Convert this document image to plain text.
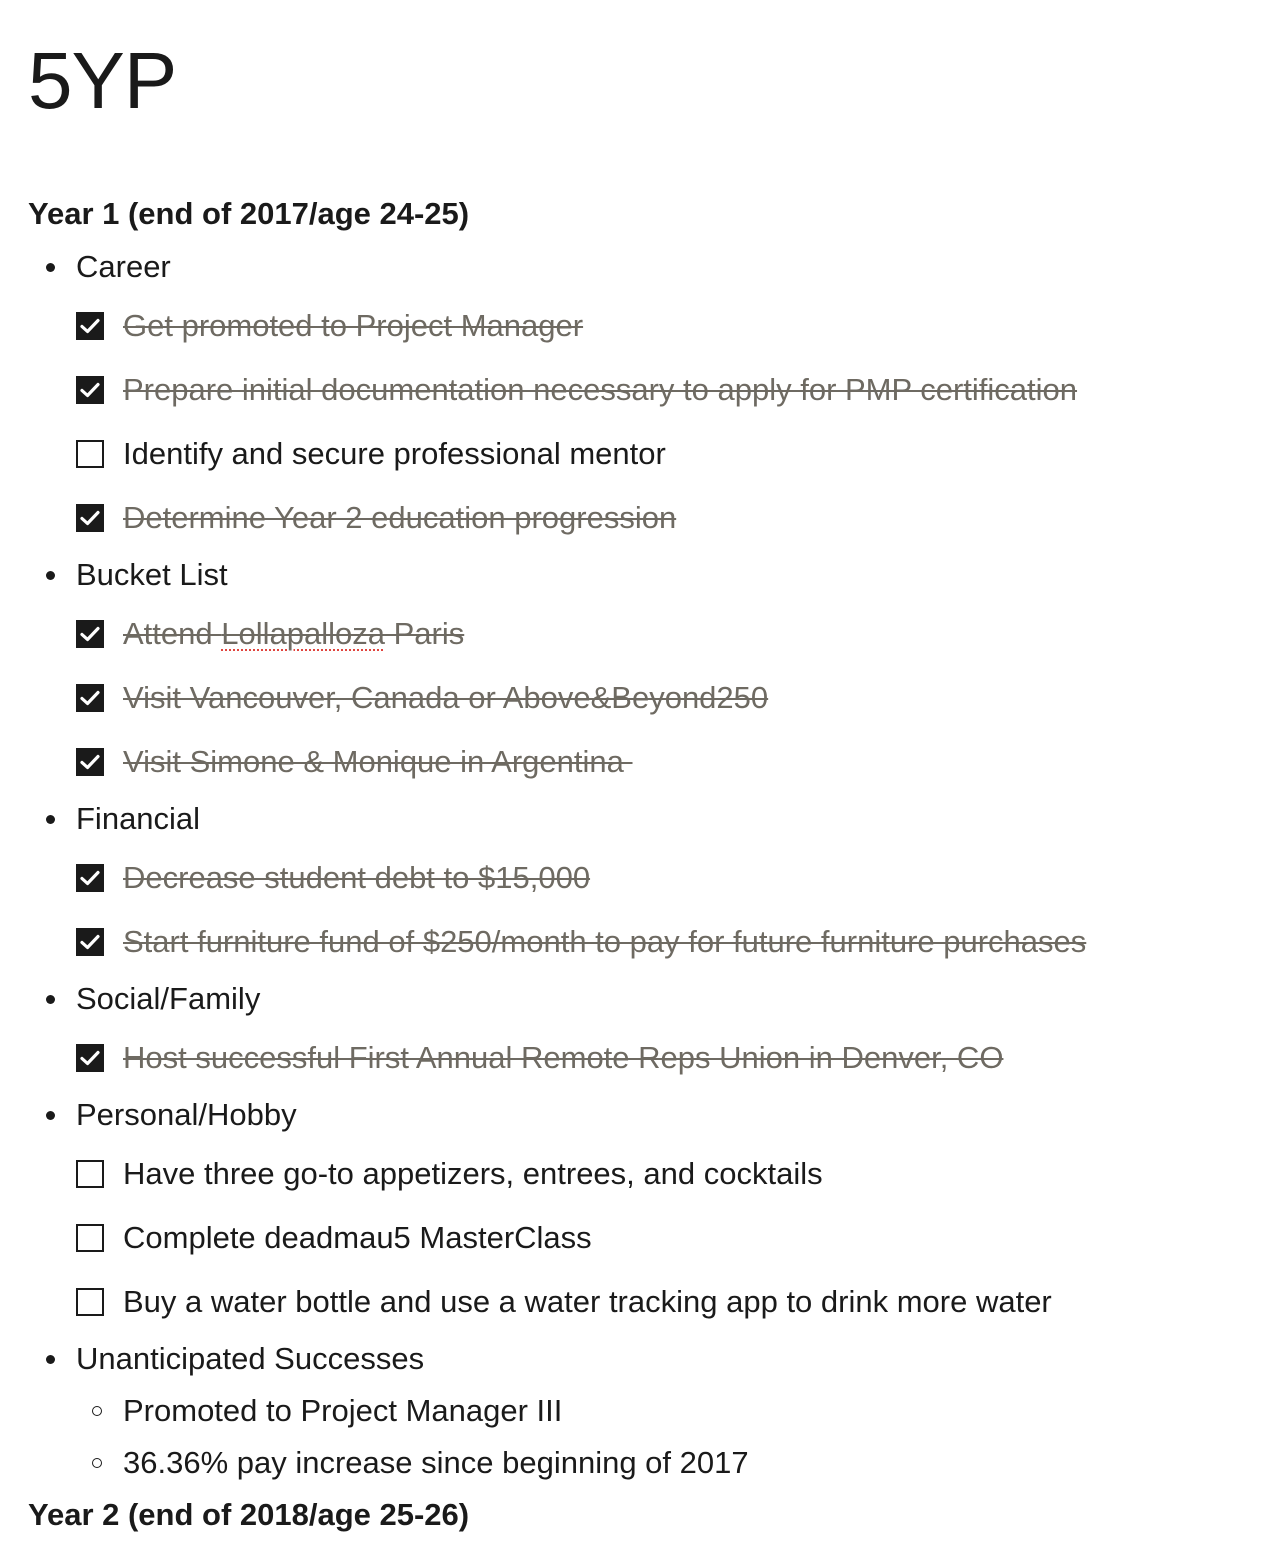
5YP
Year 1 (end of 2017/age 24-25)
Career
Get promoted to Project Manager
Prepare initial documentation necessary to apply for PMP certification
Identify and secure professional mentor
Determine Year 2 education progression
Bucket List
Attend Lollapalloza Paris
Visit Vancouver, Canada or Above&Beyond250
Visit Simone & Monique in Argentina
Financial
Decrease student debt to $15,000
Start furniture fund of $250/month to pay for future furniture purchases
Social/Family
Host successful First Annual Remote Reps Union in Denver, CO
Personal/Hobby
Have three go-to appetizers, entrees, and cocktails
Complete deadmau5 MasterClass
Buy a water bottle and use a water tracking app to drink more water
Unanticipated Successes
Promoted to Project Manager III
36.36% pay increase since beginning of 2017
Year 2 (end of 2018/age 25-26)
